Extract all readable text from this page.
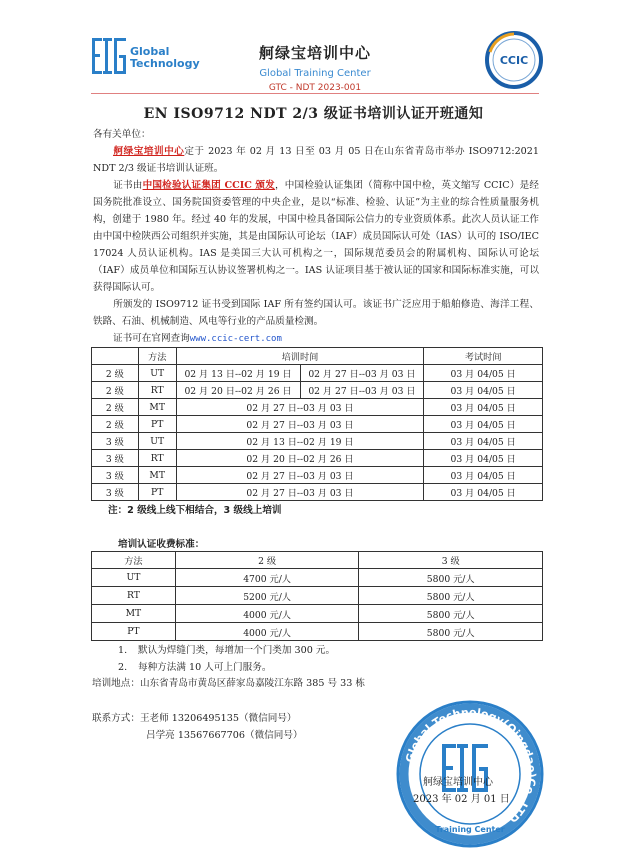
Global
Technology
舸绿宝培训中心
Global Training Center
GTC - NDT 2023-001
CCIC
EN ISO9712 NDT 2/3 级证书培训认证开班通知
各有关单位：
舸绿宝培训中心定于 2023 年 02 月 13 日至 03 月 05 日在山东省青岛市举办 ISO9712:2021 NDT 2/3 级证书培训认证班。
证书由中国检验认证集团 CCIC 颁发，中国检验认证集团（简称中国中检，英文缩写 CCIC）是经国务院批准设立、国务院国资委管理的中央企业，是以“标准、检验、认证”为主业的综合性质量服务机构，创建于 1980 年。经过 40 年的发展，中国中检具备国际公信力的专业资质体系。此次人员认证工作由中国中检陕西公司组织并实施，其是由国际认可论坛（IAF）成员国际认可处（IAS）认可的 ISO/IEC 17024 人员认证机构。IAS 是美国三大认可机构之一，国际规范委员会的附属机构、国际认可论坛（IAF）成员单位和国际互认协议签署机构之一。IAS 认证项目基于被认证的国家和国际标准实施，可以获得国际认可。
所颁发的 ISO9712 证书受到国际 IAF 所有签约国认可。该证书广泛应用于船舶修造、海洋工程、铁路、石油、机械制造、风电等行业的产品质量检测。
证书可在官网查询www.ccic-cert.com
	方法	培训时间		考试时间
2 级	UT	02 月 13 日--02 月 19 日	02 月 27 日--03 月 03 日	03 月 04/05 日
2 级	RT	02 月 20 日--02 月 26 日	02 月 27 日--03 月 03 日	03 月 04/05 日
2 级	MT	02 月 27 日--03 月 03 日		03 月 04/05 日
2 级	PT	02 月 27 日--03 月 03 日		03 月 04/05 日
3 级	UT	02 月 13 日--02 月 19 日		03 月 04/05 日
3 级	RT	02 月 20 日--02 月 26 日		03 月 04/05 日
3 级	MT	02 月 27 日--03 月 03 日		03 月 04/05 日
3 级	PT	02 月 27 日--03 月 03 日		03 月 04/05 日
注：2 级线上线下相结合，3 级线上培训
培训认证收费标准：
方法	2 级	3 级
UT	4700 元/人	5800 元/人
RT	5200 元/人	5800 元/人
MT	4000 元/人	5800 元/人
PT	4000 元/人	5800 元/人
1. 默认为焊缝门类，每增加一个门类加 300 元。
2. 每种方法满 10 人可上门服务。
培训地点：山东省青岛市黄岛区薛家岛嘉陵江东路 385 号 33 栋
联系方式：王老师 13206495135（微信同号）
吕学亮 13567667706（微信同号）
Global Technology(Qingdao)Co.,LTD
Training Center
舸绿宝培训中心
2023 年 02 月 01 日
